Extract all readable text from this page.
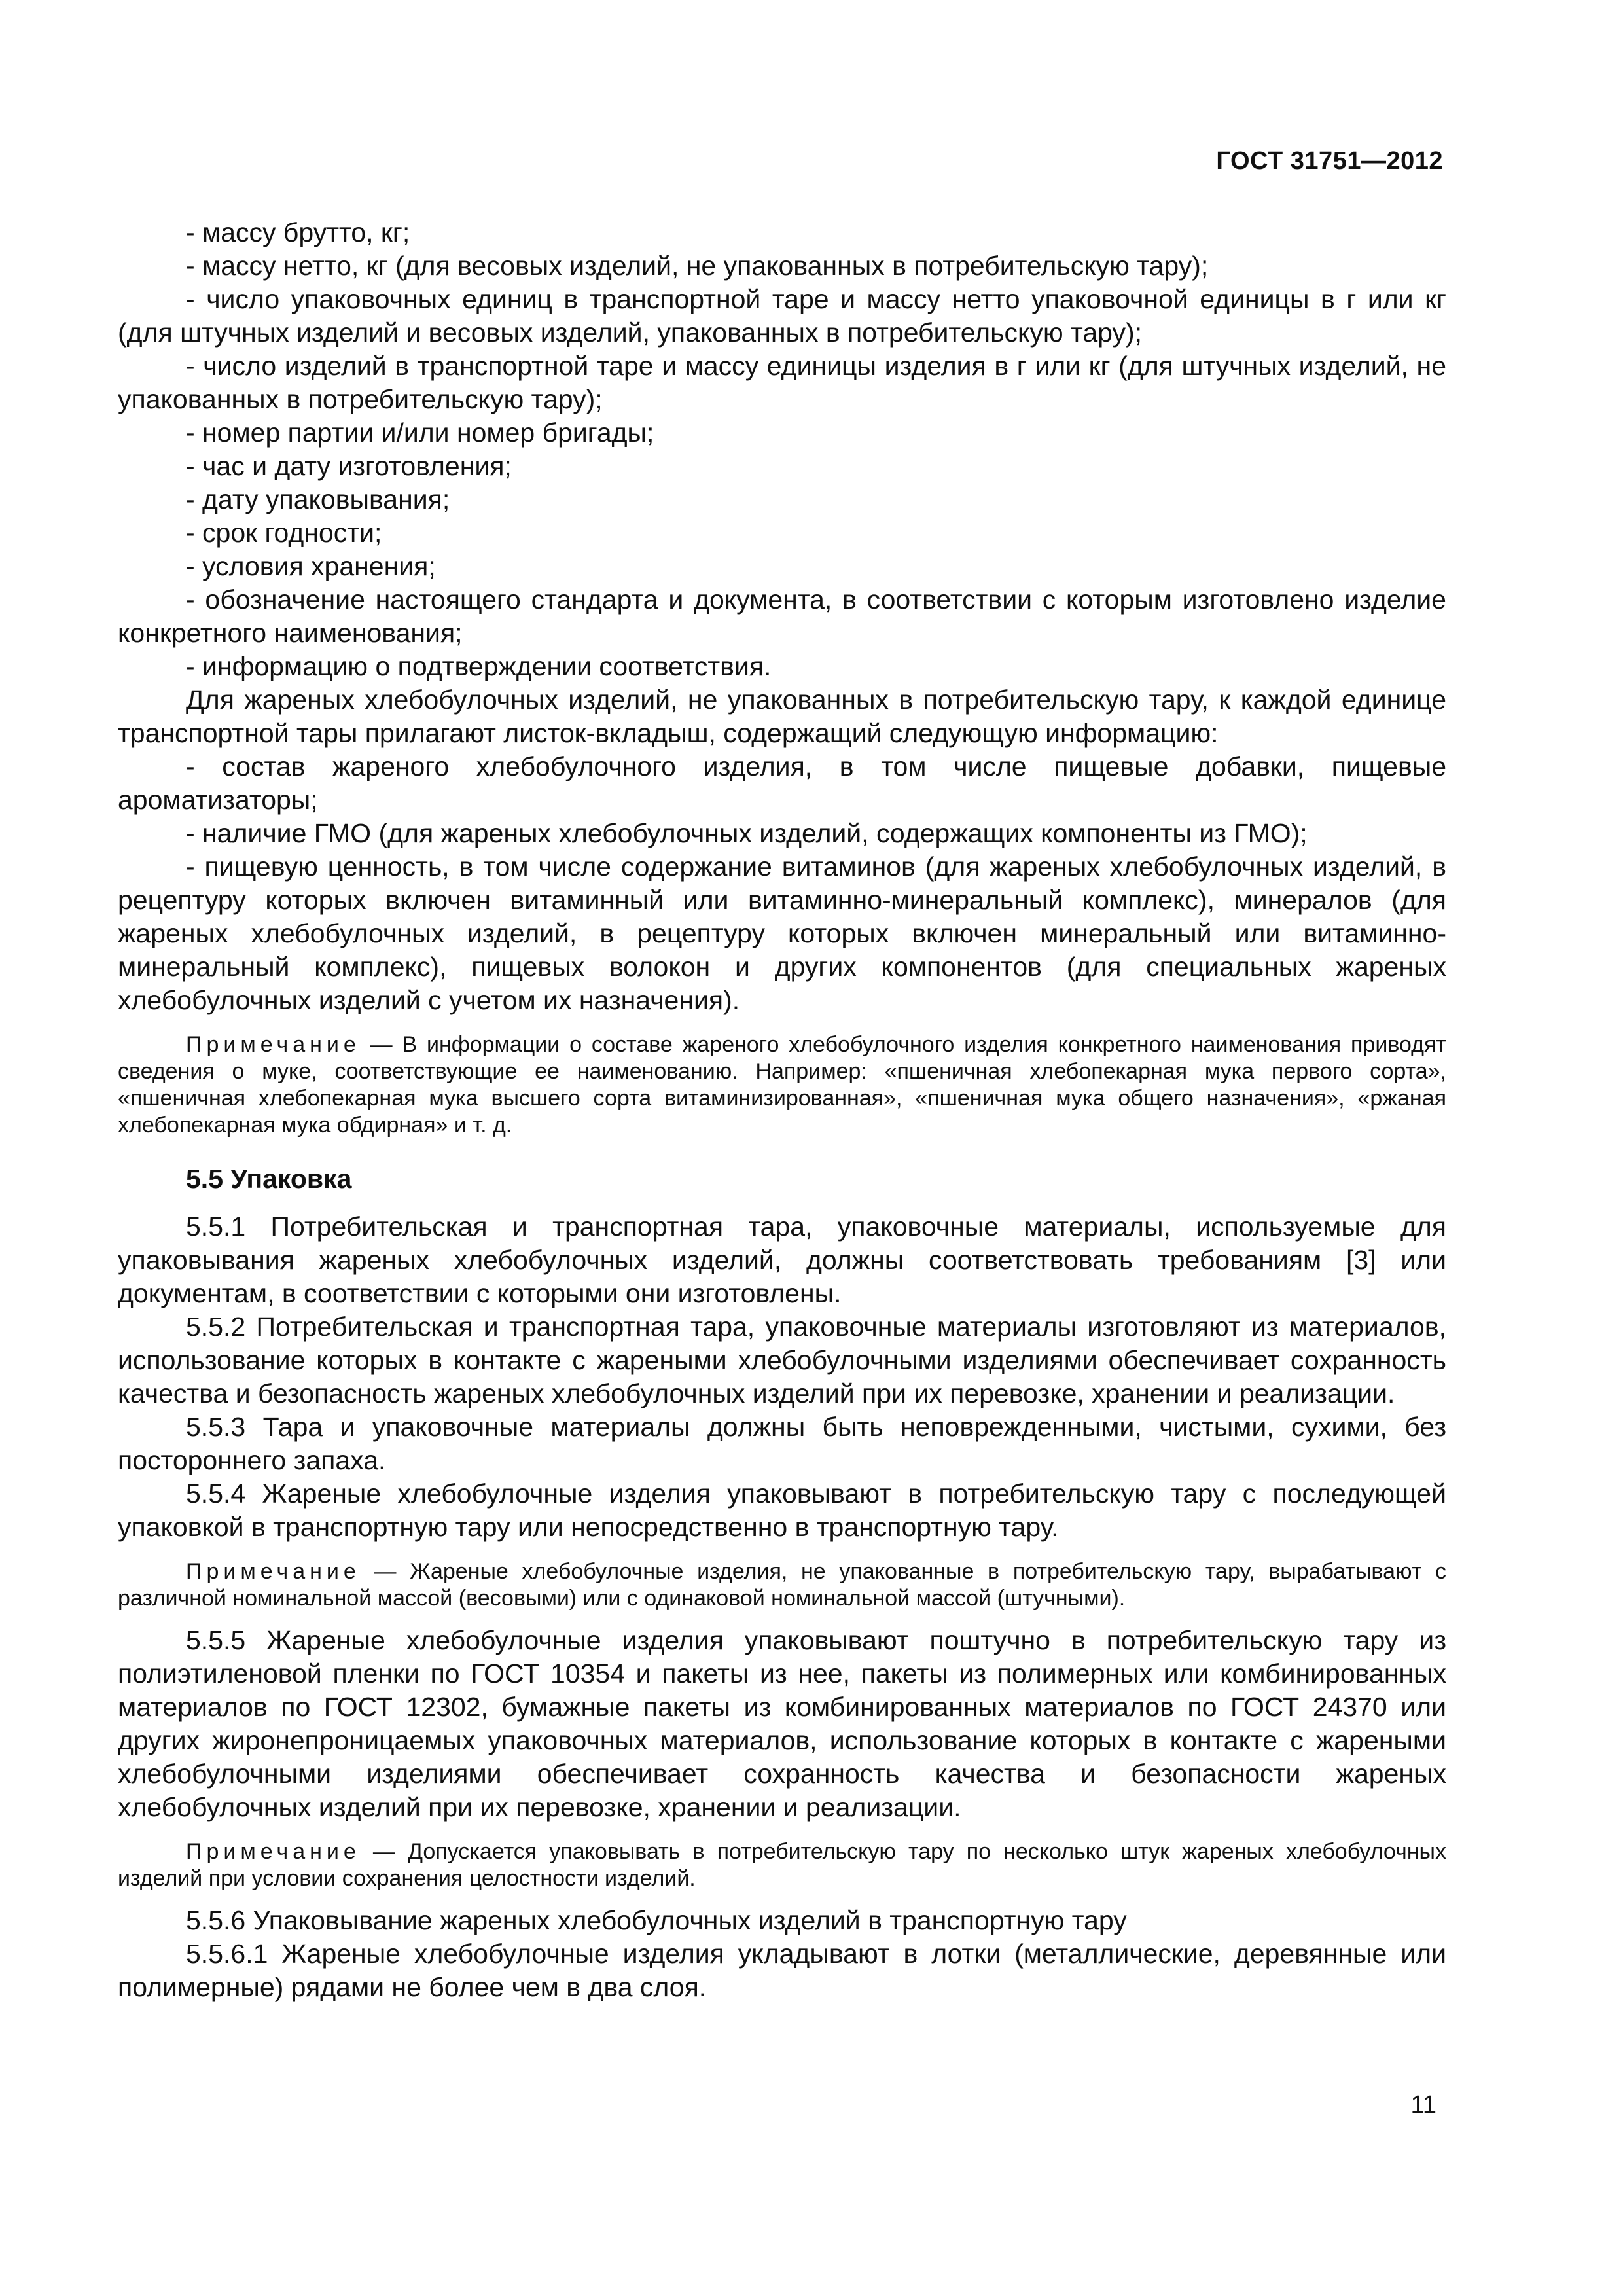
ГОСТ 31751—2012

- массу брутто, кг;

- массу нетто, кг (для весовых изделий, не упакованных в потребительскую тару);

- число упаковочных единиц в транспортной таре и массу нетто упаковочной единицы в г или кг (для штучных изделий и весовых изделий, упакованных в потребительскую тару);

- число изделий в транспортной таре и массу единицы изделия в г или кг (для штучных изделий, не упакованных в потребительскую тару);

- номер партии и/или номер бригады;

- час и дату изготовления;

- дату упаковывания;

- срок годности;

- условия хранения;

- обозначение настоящего стандарта и документа, в соответствии с которым изготовлено изделие конкретного наименования;

- информацию о подтверждении соответствия.

Для жареных хлебобулочных изделий, не упакованных в потребительскую тару, к каждой единице транспортной тары прилагают листок-вкладыш, содержащий следующую информацию:

- состав жареного хлебобулочного изделия, в том числе пищевые добавки, пищевые ароматизаторы;

- наличие ГМО (для жареных хлебобулочных изделий, содержащих компоненты из ГМО);

- пищевую ценность, в том числе содержание витаминов (для жареных хлебобулочных изделий, в рецептуру которых включен витаминный или витаминно-минеральный комплекс), минералов (для жареных хлебобулочных изделий, в рецептуру которых включен минеральный или витаминно-минеральный комплекс), пищевых волокон и других компонентов (для специальных жареных хлебобулочных изделий с учетом их назначения).

Примечание — В информации о составе жареного хлебобулочного изделия конкретного наименования приводят сведения о муке, соответствующие ее наименованию. Например: «пшеничная хлебопекарная мука первого сорта», «пшеничная хлебопекарная мука высшего сорта витаминизированная», «пшеничная мука общего назначения», «ржаная хлебопекарная мука обдирная» и т. д.
5.5 Упаковка

5.5.1 Потребительская и транспортная тара, упаковочные материалы, используемые для упаковывания жареных хлебобулочных изделий, должны соответствовать требованиям [3] или документам, в соответствии с которыми они изготовлены.

5.5.2 Потребительская и транспортная тара, упаковочные материалы изготовляют из материалов, использование которых в контакте с жареными хлебобулочными изделиями обеспечивает сохранность качества и безопасность жареных хлебобулочных изделий при их перевозке, хранении и реализации.

5.5.3 Тара и упаковочные материалы должны быть неповрежденными, чистыми, сухими, без постороннего запаха.

5.5.4 Жареные хлебобулочные изделия упаковывают в потребительскую тару с последующей упаковкой в транспортную тару или непосредственно в транспортную тару.

Примечание — Жареные хлебобулочные изделия, не упакованные в потребительскую тару, вырабатывают с различной номинальной массой (весовыми) или с одинаковой номинальной массой (штучными).

5.5.5 Жареные хлебобулочные изделия упаковывают поштучно в потребительскую тару из полиэтиленовой пленки по ГОСТ 10354 и пакеты из нее, пакеты из полимерных или комбинированных материалов по ГОСТ 12302, бумажные пакеты из комбинированных материалов по ГОСТ 24370 или других жиронепроницаемых упаковочных материалов, использование которых в контакте с жареными хлебобулочными изделиями обеспечивает сохранность качества и безопасности жареных хлебобулочных изделий при их перевозке, хранении и реализации.

Примечание — Допускается упаковывать в потребительскую тару по несколько штук жареных хлебобулочных изделий при условии сохранения целостности изделий.

5.5.6 Упаковывание жареных хлебобулочных изделий в транспортную тару

5.5.6.1 Жареные хлебобулочные изделия укладывают в лотки (металлические, деревянные или полимерные) рядами не более чем в два слоя.

11
